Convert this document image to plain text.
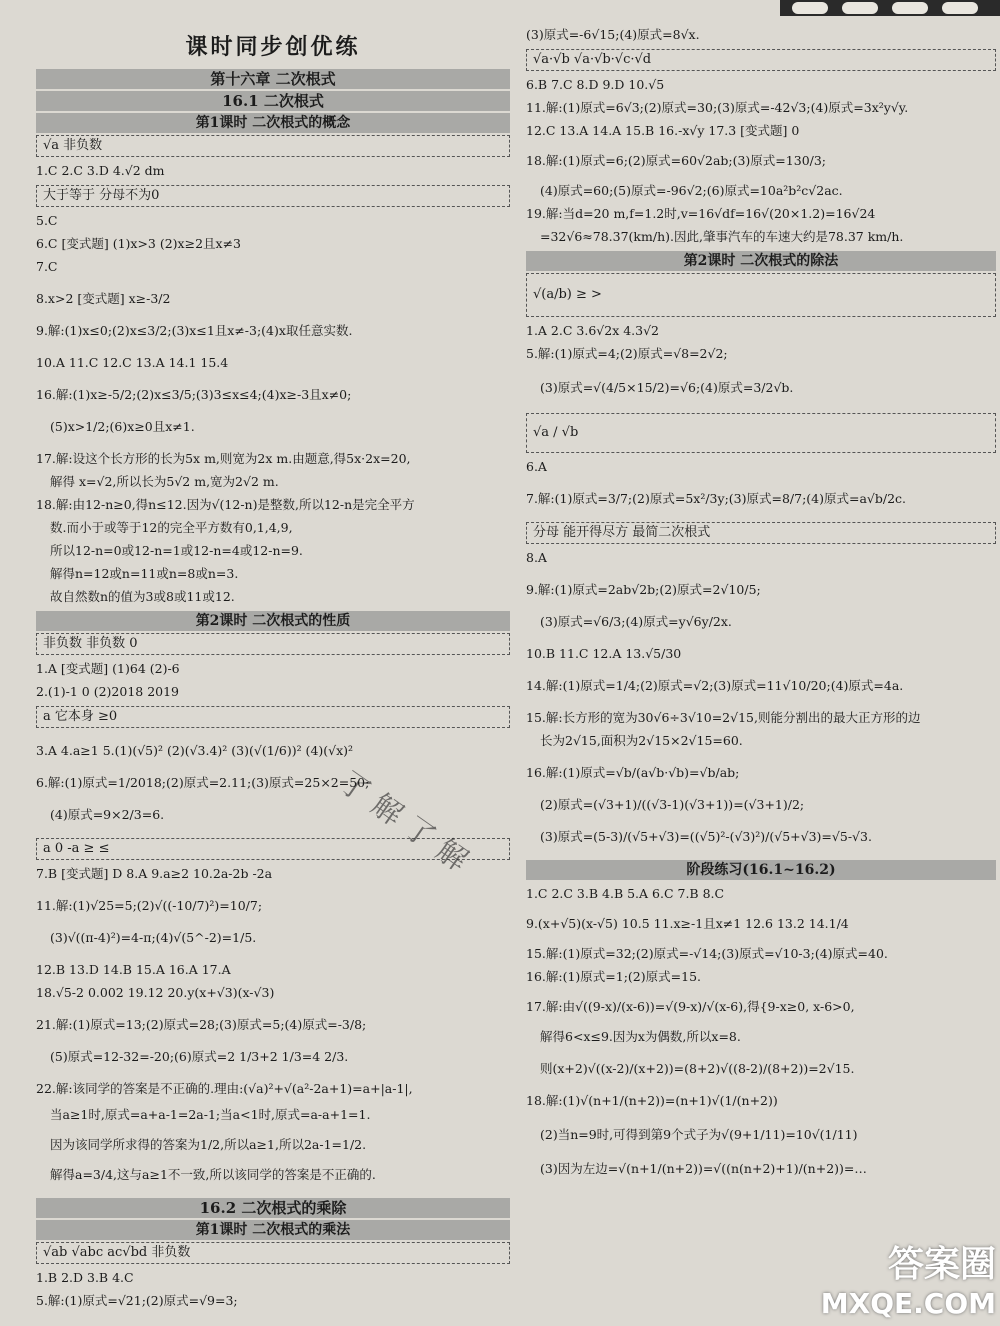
课时同步创优练
第十六章 二次根式
16.1 二次根式
第1课时 二次根式的概念
√a 非负数
1.C 2.C 3.D 4.√2 dm
大于等于 分母不为0
5.C
6.C [变式题] (1)x>3 (2)x≥2且x≠3
7.C
8.x>2 [变式题] x≥-3/2
9.解:(1)x≤0;(2)x≤3/2;(3)x≤1且x≠-3;(4)x取任意实数.
10.A 11.C 12.C 13.A 14.1 15.4
16.解:(1)x≥-5/2;(2)x≤3/5;(3)3≤x≤4;(4)x≥-3且x≠0;
(5)x>1/2;(6)x≥0且x≠1.
17.解:设这个长方形的长为5x m,则宽为2x m.由题意,得5x·2x=20,
解得 x=√2,所以长为5√2 m,宽为2√2 m.
18.解:由12-n≥0,得n≤12.因为√(12-n)是整数,所以12-n是完全平方
数.而小于或等于12的完全平方数有0,1,4,9,
所以12-n=0或12-n=1或12-n=4或12-n=9.
解得n=12或n=11或n=8或n=3.
故自然数n的值为3或8或11或12.
第2课时 二次根式的性质
非负数 非负数 0
1.A [变式题] (1)64 (2)-6
2.(1)-1 0 (2)2018 2019
a 它本身 ≥0
3.A 4.a≥1 5.(1)(√5)² (2)(√3.4)² (3)(√(1/6))² (4)(√x)²
6.解:(1)原式=1/2018;(2)原式=2.11;(3)原式=25×2=50;
(4)原式=9×2/3=6.
a 0 -a ≥ ≤
7.B [变式题] D 8.A 9.a≥2 10.2a-2b -2a
11.解:(1)√25=5;(2)√((-10/7)²)=10/7;
(3)√((π-4)²)=4-π;(4)√(5^-2)=1/5.
12.B 13.D 14.B 15.A 16.A 17.A
18.√5-2 0.002 19.12 20.y(x+√3)(x-√3)
21.解:(1)原式=13;(2)原式=28;(3)原式=5;(4)原式=-3/8;
(5)原式=12-32=-20;(6)原式=2 1/3+2 1/3=4 2/3.
22.解:该同学的答案是不正确的.理由:(√a)²+√(a²-2a+1)=a+|a-1|,
当a≥1时,原式=a+a-1=2a-1;当a<1时,原式=a-a+1=1.
因为该同学所求得的答案为1/2,所以a≥1,所以2a-1=1/2.
解得a=3/4,这与a≥1不一致,所以该同学的答案是不正确的.
16.2 二次根式的乘除
第1课时 二次根式的乘法
√ab √abc ac√bd 非负数
1.B 2.D 3.B 4.C
5.解:(1)原式=√21;(2)原式=√9=3;
(3)原式=-6√15;(4)原式=8√x.
√a·√b √a·√b·√c·√d
6.B 7.C 8.D 9.D 10.√5
11.解:(1)原式=6√3;(2)原式=30;(3)原式=-42√3;(4)原式=3x²y√y.
12.C 13.A 14.A 15.B 16.-x√y 17.3 [变式题] 0
18.解:(1)原式=6;(2)原式=60√2ab;(3)原式=130/3;
(4)原式=60;(5)原式=-96√2;(6)原式=10a²b²c√2ac.
19.解:当d=20 m,f=1.2时,v=16√df=16√(20×1.2)=16√24
=32√6≈78.37(km/h).因此,肇事汽车的车速大约是78.37 km/h.
第2课时 二次根式的除法
√(a/b) ≥ >
1.A 2.C 3.6√2x 4.3√2
5.解:(1)原式=4;(2)原式=√8=2√2;
(3)原式=√(4/5×15/2)=√6;(4)原式=3/2√b.
√a / √b
6.A
7.解:(1)原式=3/7;(2)原式=5x²/3y;(3)原式=8/7;(4)原式=a√b/2c.
分母 能开得尽方 最简二次根式
8.A
9.解:(1)原式=2ab√2b;(2)原式=2√10/5;
(3)原式=√6/3;(4)原式=y√6y/2x.
10.B 11.C 12.A 13.√5/30
14.解:(1)原式=1/4;(2)原式=√2;(3)原式=11√10/20;(4)原式=4a.
15.解:长方形的宽为30√6÷3√10=2√15,则能分割出的最大正方形的边
长为2√15,面积为2√15×2√15=60.
16.解:(1)原式=√b/(a√b·√b)=√b/ab;
(2)原式=(√3+1)/((√3-1)(√3+1))=(√3+1)/2;
(3)原式=(5-3)/(√5+√3)=((√5)²-(√3)²)/(√5+√3)=√5-√3.
阶段练习(16.1~16.2)
1.C 2.C 3.B 4.B 5.A 6.C 7.B 8.C
9.(x+√5)(x-√5) 10.5 11.x≥-1且x≠1 12.6 13.2 14.1/4
15.解:(1)原式=32;(2)原式=-√14;(3)原式=√10-3;(4)原式=40.
16.解:(1)原式=1;(2)原式=15.
17.解:由√((9-x)/(x-6))=√(9-x)/√(x-6),得{9-x≥0, x-6>0,
解得6<x≤9.因为x为偶数,所以x=8.
则(x+2)√((x-2)/(x+2))=(8+2)√((8-2)/(8+2))=2√15.
18.解:(1)√(n+1/(n+2))=(n+1)√(1/(n+2))
(2)当n=9时,可得到第9个式子为√(9+1/11)=10√(1/11)
(3)因为左边=√(n+1/(n+2))=√((n(n+2)+1)/(n+2))=…
了 解 了 解
答案圈
MXQE.COM
